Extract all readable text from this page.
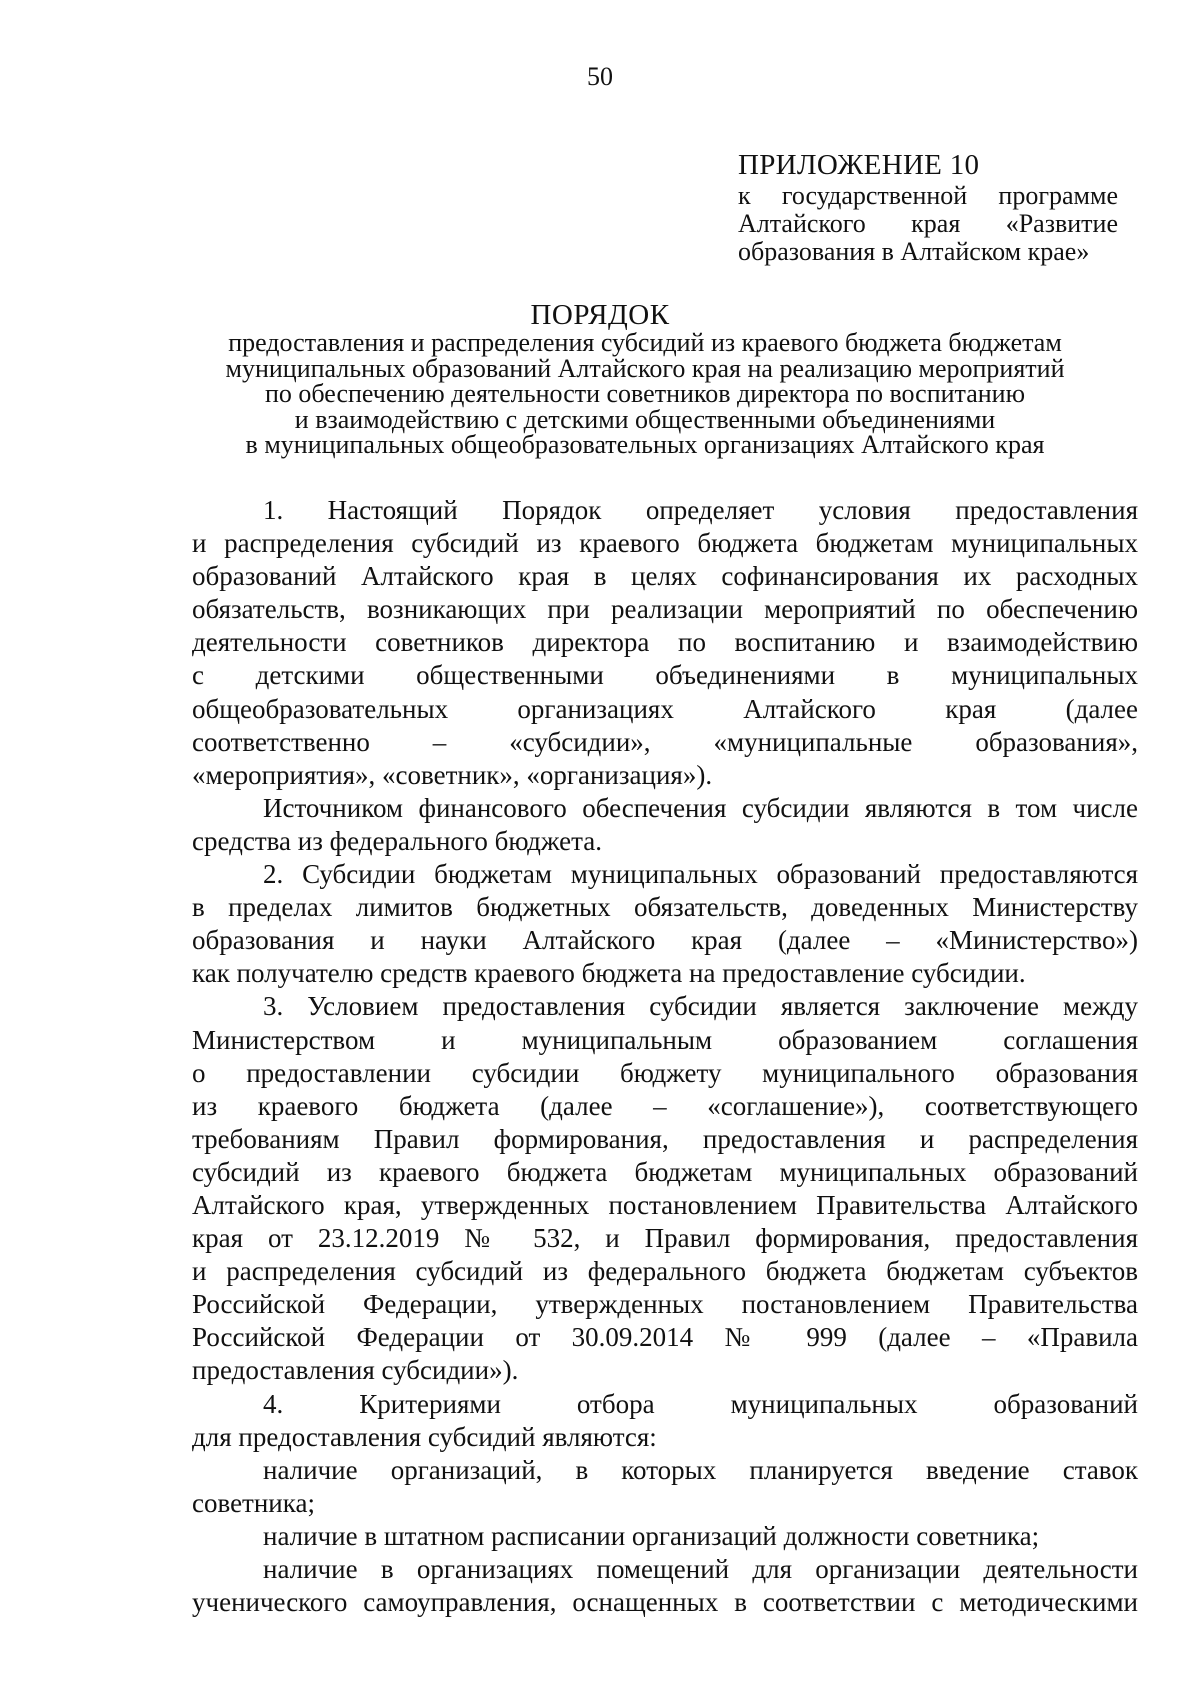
50
ПРИЛОЖЕНИЕ 10
к государственной программе
Алтайского края «Развитие
образования в Алтайском крае»
ПОРЯДОК
предоставления и распределения субсидий из краевого бюджета бюджетам
муниципальных образований Алтайского края на реализацию мероприятий
по обеспечению деятельности советников директора по воспитанию
и взаимодействию с детскими общественными объединениями
в муниципальных общеобразовательных организациях Алтайского края
1. Настоящий Порядок определяет условия предоставления
и распределения субсидий из краевого бюджета бюджетам муниципальных
образований Алтайского края в целях софинансирования их расходных
обязательств, возникающих при реализации мероприятий по обеспечению
деятельности советников директора по воспитанию и взаимодействию
с детскими общественными объединениями в муниципальных
общеобразовательных организациях Алтайского края (далее
соответственно – «субсидии», «муниципальные образования»,
«мероприятия», «советник», «организация»).
Источником финансового обеспечения субсидии являются в том числе
средства из федерального бюджета.
2. Субсидии бюджетам муниципальных образований предоставляются
в пределах лимитов бюджетных обязательств, доведенных Министерству
образования и науки Алтайского края (далее – «Министерство»)
как получателю средств краевого бюджета на предоставление субсидии.
3. Условием предоставления субсидии является заключение между
Министерством и муниципальным образованием соглашения
о предоставлении субсидии бюджету муниципального образования
из краевого бюджета (далее – «соглашение»), соответствующего
требованиям Правил формирования, предоставления и распределения
субсидий из краевого бюджета бюджетам муниципальных образований
Алтайского края, утвержденных постановлением Правительства Алтайского
края от 23.12.2019 № 532, и Правил формирования, предоставления
и распределения субсидий из федерального бюджета бюджетам субъектов
Российской Федерации, утвержденных постановлением Правительства
Российской Федерации от 30.09.2014 № 999 (далее – «Правила
предоставления субсидии»).
4. Критериями отбора муниципальных образований
для предоставления субсидий являются:
наличие организаций, в которых планируется введение ставок
советника;
наличие в штатном расписании организаций должности советника;
наличие в организациях помещений для организации деятельности
ученического самоуправления, оснащенных в соответствии с методическими
